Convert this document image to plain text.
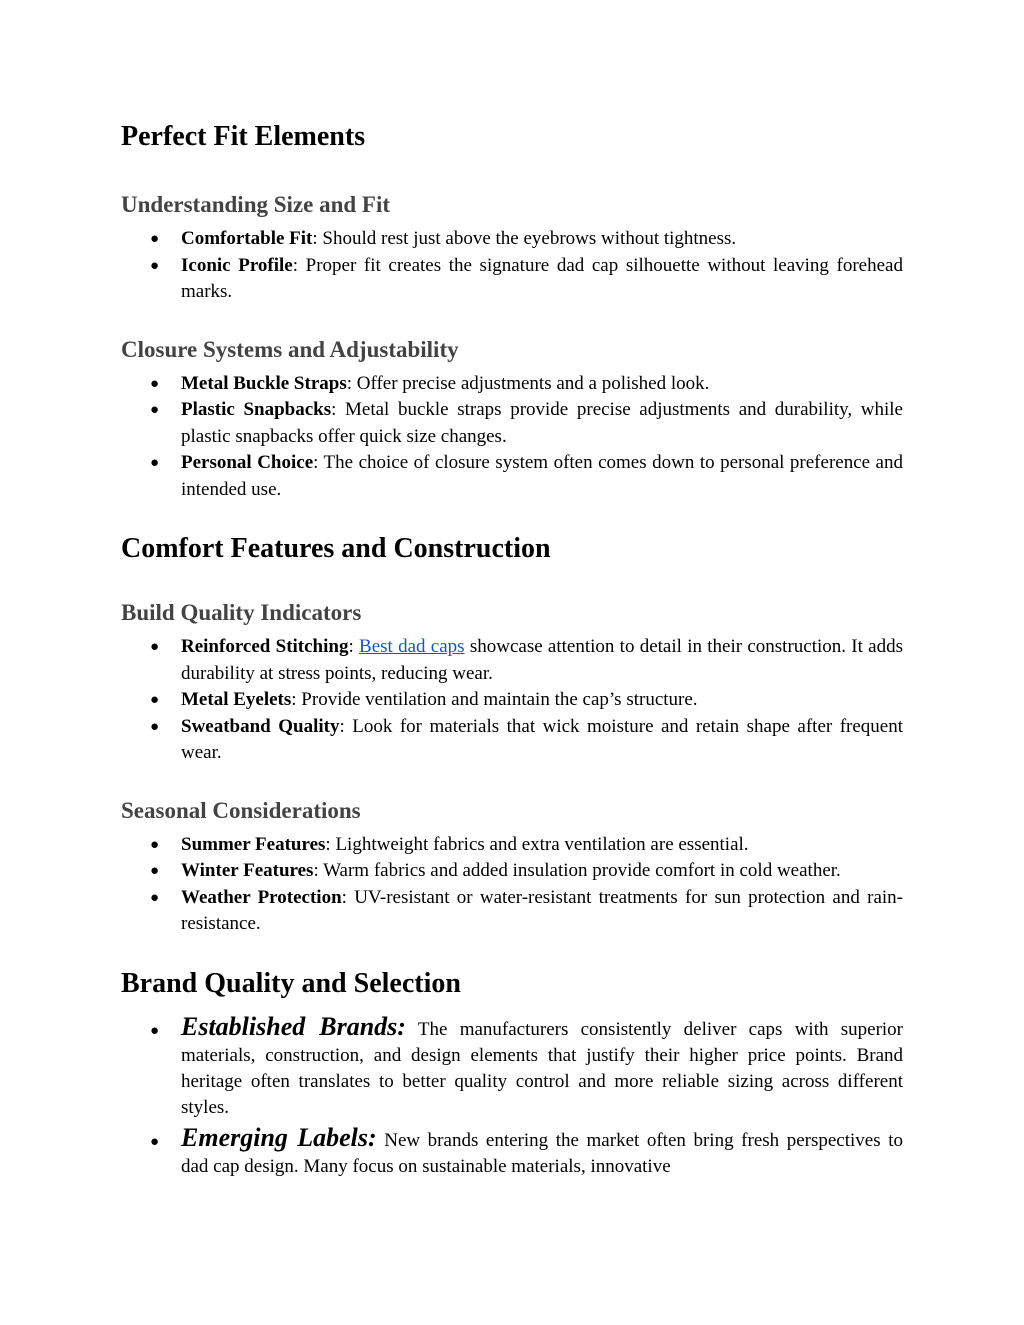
Perfect Fit Elements
Understanding Size and Fit
● Comfortable Fit: Should rest just above the eyebrows without tightness.
● Iconic Profile: Proper fit creates the signature dad cap silhouette without leaving forehead marks.
Closure Systems and Adjustability
● Metal Buckle Straps: Offer precise adjustments and a polished look.
● Plastic Snapbacks: Metal buckle straps provide precise adjustments and durability, while plastic snapbacks offer quick size changes.
● Personal Choice: The choice of closure system often comes down to personal preference and intended use.
Comfort Features and Construction
Build Quality Indicators
● Reinforced Stitching: Best dad caps showcase attention to detail in their construction. It adds durability at stress points, reducing wear.
● Metal Eyelets: Provide ventilation and maintain the cap’s structure.
● Sweatband Quality: Look for materials that wick moisture and retain shape after frequent wear.
Seasonal Considerations
● Summer Features: Lightweight fabrics and extra ventilation are essential.
● Winter Features: Warm fabrics and added insulation provide comfort in cold weather.
● Weather Protection: UV-resistant or water-resistant treatments for sun protection and rain-resistance.
Brand Quality and Selection
● Established Brands: The manufacturers consistently deliver caps with superior materials, construction, and design elements that justify their higher price points. Brand heritage often translates to better quality control and more reliable sizing across different styles.
● Emerging Labels: New brands entering the market often bring fresh perspectives to dad cap design. Many focus on sustainable materials, innovative
